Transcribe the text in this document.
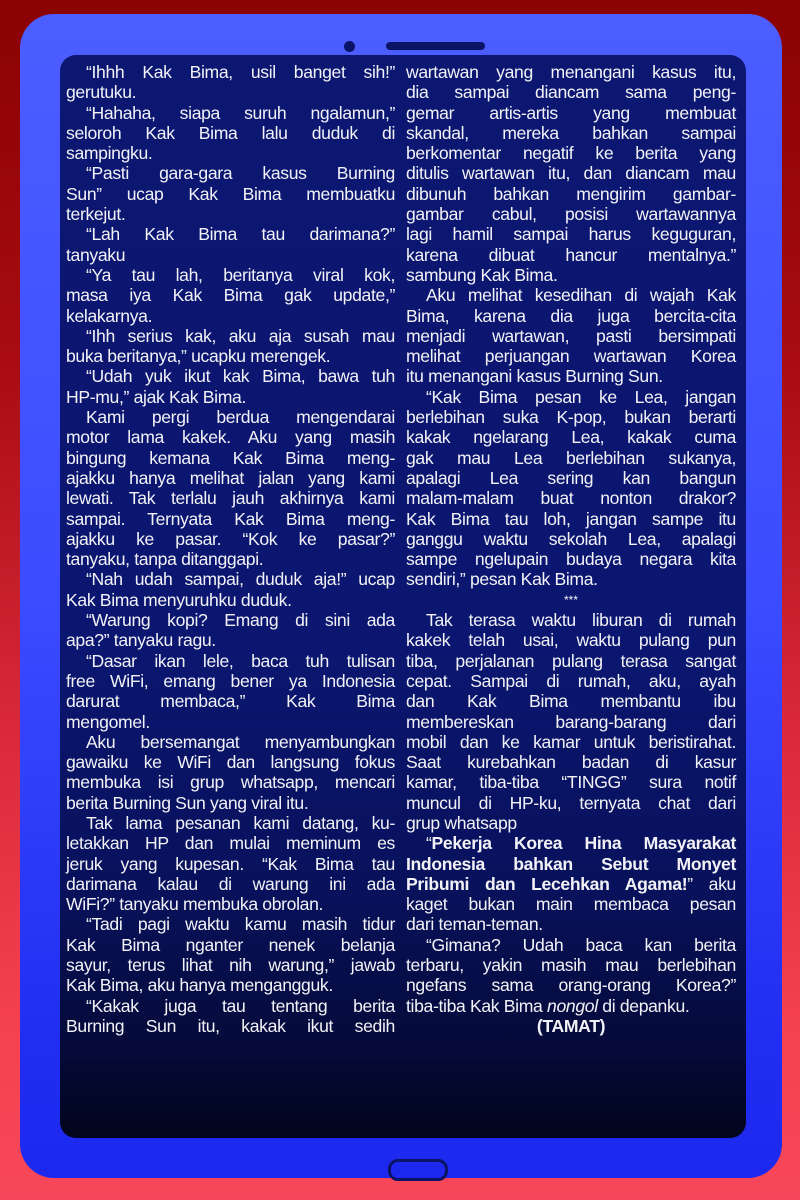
“Ihhh Kak Bima, usil banget sih!”
gerutuku.
“Hahaha, siapa suruh ngalamun,”
seloroh Kak Bima lalu duduk di
sampingku.
“Pasti gara-gara kasus Burning
Sun” ucap Kak Bima membuatku
terkejut.
“Lah Kak Bima tau darimana?”
tanyaku
“Ya tau lah, beritanya viral kok,
masa iya Kak Bima gak update,”
kelakarnya.
“Ihh serius kak, aku aja susah mau
buka beritanya,” ucapku merengek.
“Udah yuk ikut kak Bima, bawa tuh
HP-mu,” ajak Kak Bima.
Kami pergi berdua mengendarai
motor lama kakek. Aku yang masih
bingung kemana Kak Bima meng-
ajakku hanya melihat jalan yang kami
lewati. Tak terlalu jauh akhirnya kami
sampai. Ternyata Kak Bima meng-
ajakku ke pasar. “Kok ke pasar?”
tanyaku, tanpa ditanggapi.
“Nah udah sampai, duduk aja!” ucap
Kak Bima menyuruhku duduk.
“Warung kopi? Emang di sini ada
apa?” tanyaku ragu.
“Dasar ikan lele, baca tuh tulisan
free WiFi, emang bener ya Indonesia
darurat membaca,” Kak Bima
mengomel.
Aku bersemangat menyambungkan
gawaiku ke WiFi dan langsung fokus
membuka isi grup whatsapp, mencari
berita Burning Sun yang viral itu.
Tak lama pesanan kami datang, ku-
letakkan HP dan mulai meminum es
jeruk yang kupesan. “Kak Bima tau
darimana kalau di warung ini ada
WiFi?” tanyaku membuka obrolan.
“Tadi pagi waktu kamu masih tidur
Kak Bima nganter nenek belanja
sayur, terus lihat nih warung,” jawab
Kak Bima, aku hanya mengangguk.
“Kakak juga tau tentang berita
Burning Sun itu, kakak ikut sedih
wartawan yang menangani kasus itu,
dia sampai diancam sama peng-
gemar artis-artis yang membuat
skandal, mereka bahkan sampai
berkomentar negatif ke berita yang
ditulis wartawan itu, dan diancam mau
dibunuh bahkan mengirim gambar-
gambar cabul, posisi wartawannya
lagi hamil sampai harus keguguran,
karena dibuat hancur mentalnya.”
sambung Kak Bima.
Aku melihat kesedihan di wajah Kak
Bima, karena dia juga bercita-cita
menjadi wartawan, pasti bersimpati
melihat perjuangan wartawan Korea
itu menangani kasus Burning Sun.
“Kak Bima pesan ke Lea, jangan
berlebihan suka K-pop, bukan berarti
kakak ngelarang Lea, kakak cuma
gak mau Lea berlebihan sukanya,
apalagi Lea sering kan bangun
malam-malam buat nonton drakor?
Kak Bima tau loh, jangan sampe itu
ganggu waktu sekolah Lea, apalagi
sampe ngelupain budaya negara kita
sendiri,” pesan Kak Bima.
***
Tak terasa waktu liburan di rumah
kakek telah usai, waktu pulang pun
tiba, perjalanan pulang terasa sangat
cepat. Sampai di rumah, aku, ayah
dan Kak Bima membantu ibu
membereskan barang-barang dari
mobil dan ke kamar untuk beristirahat.
Saat kurebahkan badan di kasur
kamar, tiba-tiba “TINGG” sura notif
muncul di HP-ku, ternyata chat dari
grup whatsapp
“Pekerja Korea Hina Masyarakat
Indonesia bahkan Sebut Monyet
Pribumi dan Lecehkan Agama!” aku
kaget bukan main membaca pesan
dari teman-teman.
“Gimana? Udah baca kan berita
terbaru, yakin masih mau berlebihan
ngefans sama orang-orang Korea?”
tiba-tiba Kak Bima nongol di depanku.
(TAMAT)
